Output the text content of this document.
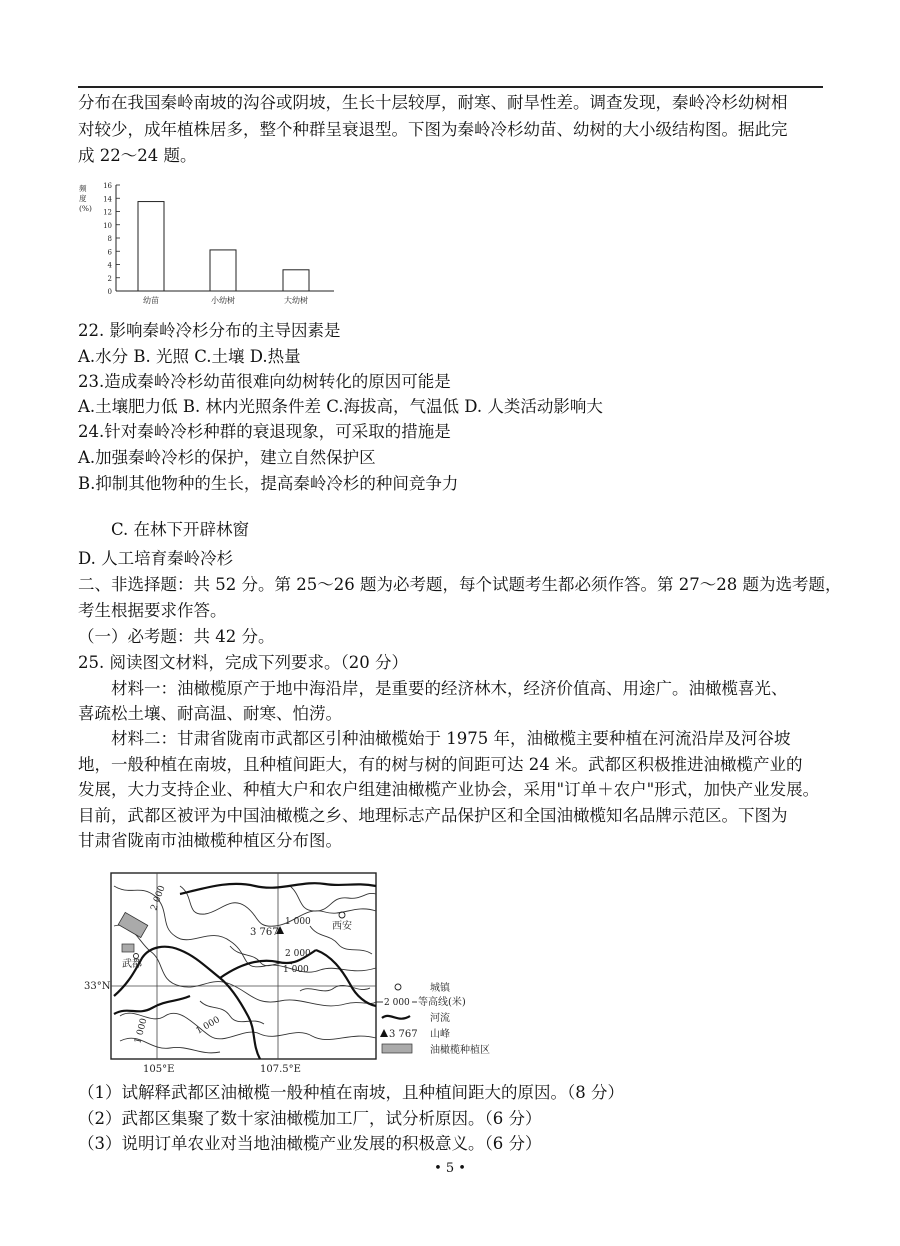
分布在我国秦岭南坡的沟谷或阴坡，生长十层较厚，耐寒、耐旱性差。调查发现，秦岭冷杉幼树相
对较少，成年植株居多，整个种群呈衰退型。下图为秦岭冷杉幼苗、幼树的大小级结构图。据此完
成 22～24 题。
0
2
4
6
8
10
12
14
16
频
度
(%)
幼苗	小幼树	大幼树
22. 影响秦岭冷杉分布的主导因素是
A.水分 B. 光照 C.土壤 D.热量
23.造成秦岭冷杉幼苗很难向幼树转化的原因可能是
A.土壤肥力低 B. 林内光照条件差 C.海拔高，气温低 D. 人类活动影响大
24.针对秦岭冷杉种群的衰退现象，可采取的措施是
A.加强秦岭冷杉的保护，建立自然保护区
B.抑制其他物种的生长，提高秦岭冷杉的种间竞争力
C. 在林下开辟林窗
D. 人工培育秦岭冷杉
二、非选择题：共 52 分。第 25～26 题为必考题，每个试题考生都必须作答。第 27～28 题为选考题，
考生根据要求作答。
（一）必考题：共 42 分。
25. 阅读图文材料，完成下列要求。（20 分）
材料一：油橄榄原产于地中海沿岸，是重要的经济林木，经济价值高、用途广。油橄榄喜光、
喜疏松土壤、耐高温、耐寒、怕涝。
材料二：甘肃省陇南市武都区引种油橄榄始于 1975 年，油橄榄主要种植在河流沿岸及河谷坡
地，一般种植在南坡，且种植间距大，有的树与树的间距可达 24 米。武都区积极推进油橄榄产业的
发展，大力支持企业、种植大户和农户组建油橄榄产业协会，采用"订单＋农户"形式，加快产业发展。
目前，武都区被评为中国油橄榄之乡、地理标志产品保护区和全国油橄榄知名品牌示范区。下图为
甘肃省陇南市油橄榄种植区分布图。
3 767
西安
武都
2 000
1 000
2 000
1 000
1 000	1 000
33°N
105°E	107.5°E
城镇
2 000 等高线(米)
河流
3 767 山峰
油橄榄种植区
（1）试解释武都区油橄榄一般种植在南坡，且种植间距大的原因。（8 分）
（2）武都区集聚了数十家油橄榄加工厂，试分析原因。（6 分）
（3）说明订单农业对当地油橄榄产业发展的积极意义。（6 分）
• 5 •
